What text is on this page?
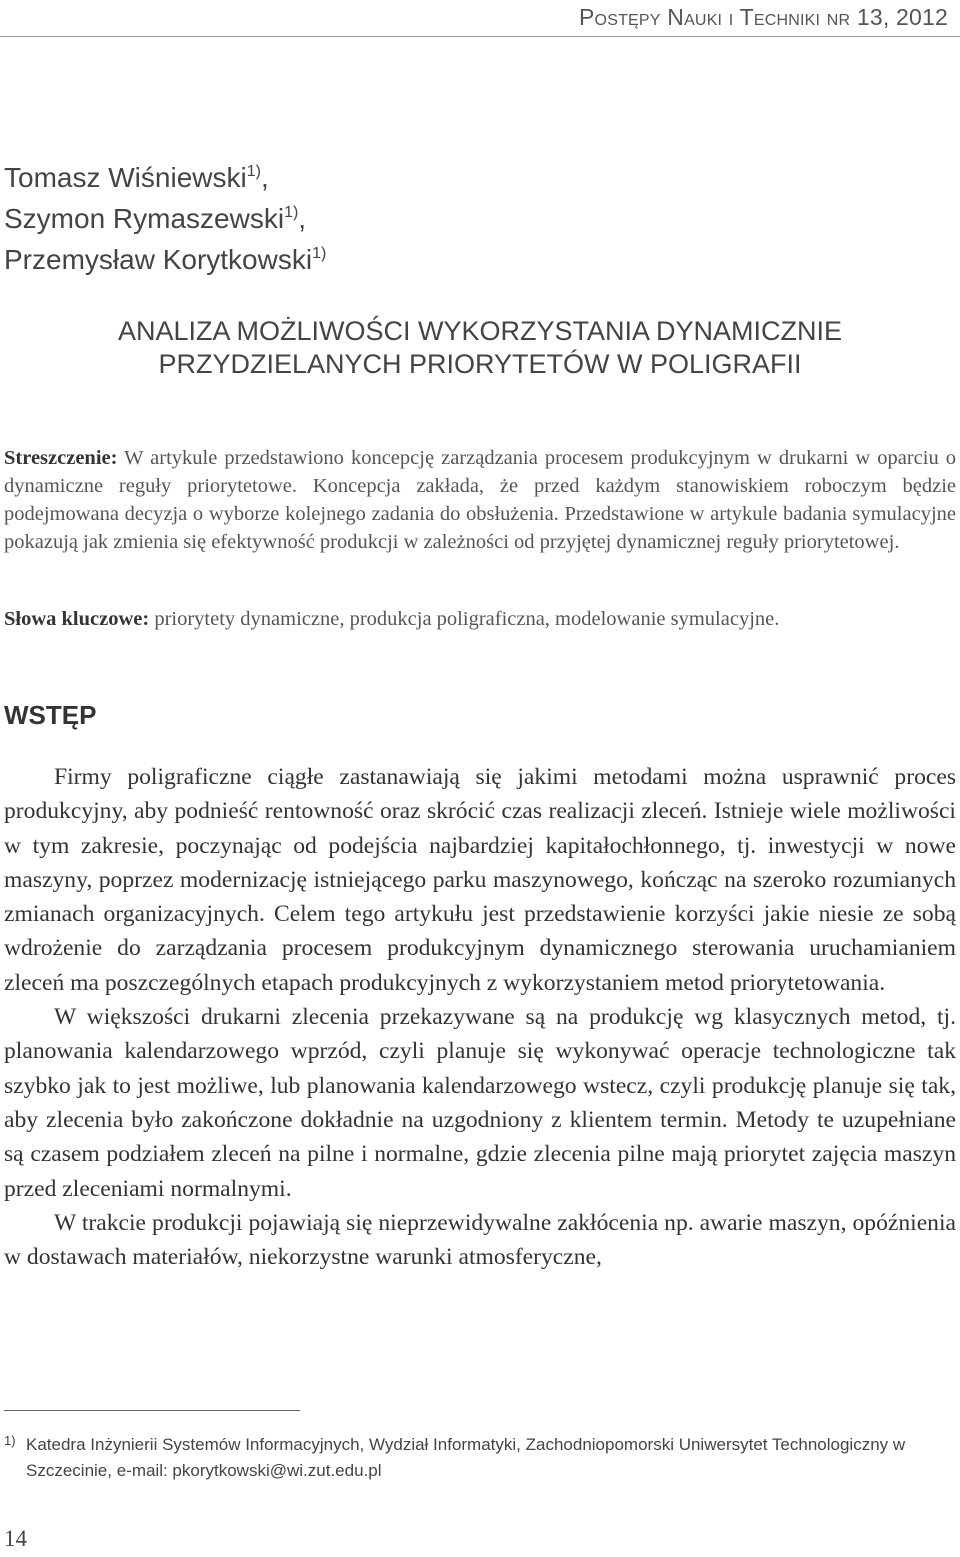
Postępy Nauki i Techniki nr 13, 2012
Tomasz Wiśniewski$^{1)}$,
Szymon Rymaszewski$^{1)}$,
Przemysław Korytkowski$^{1)}$
ANALIZA MOŻLIWOŚCI WYKORZYSTANIA DYNAMICZNIE
PRZYDZIELANYCH PRIORYTETÓW W POLIGRAFII
Streszczenie: W artykule przedstawiono koncepcję zarządzania procesem produkcyjnym w drukarni w oparciu o dynamiczne reguły priorytetowe. Koncepcja zakłada, że przed każdym stanowiskiem roboczym będzie podejmowana decyzja o wyborze kolejnego zadania do obsłużenia. Przedstawione w artykule badania symulacyjne pokazują jak zmienia się efektywność produkcji w zależności od przyjętej dynamicznej reguły priorytetowej.
Słowa kluczowe: priorytety dynamiczne, produkcja poligraficzna, modelowanie symulacyjne.
WSTĘP

Firmy poligraficzne ciągłe zastanawiają się jakimi metodami można usprawnić proces produkcyjny, aby podnieść rentowność oraz skrócić czas realizacji zleceń. Istnieje wiele możliwości w tym zakresie, poczynając od podejścia najbardziej kapitałochłonnego, tj. inwestycji w nowe maszyny, poprzez modernizację istniejącego parku maszynowego, kończąc na szeroko rozumianych zmianach organizacyjnych. Celem tego artykułu jest przedstawienie korzyści jakie niesie ze sobą wdrożenie do zarządzania procesem produkcyjnym dynamicznego sterowania uruchamianiem zleceń ma poszczególnych etapach produkcyjnych z wykorzystaniem metod priorytetowania.

W większości drukarni zlecenia przekazywane są na produkcję wg klasycznych metod, tj. planowania kalendarzowego wprzód, czyli planuje się wykonywać operacje technologiczne tak szybko jak to jest możliwe, lub planowania kalendarzowego wstecz, czyli produkcję planuje się tak, aby zlecenia było zakończone dokładnie na uzgodniony z klientem termin. Metody te uzupełniane są czasem podziałem zleceń na pilne i normalne, gdzie zlecenia pilne mają priorytet zajęcia maszyn przed zleceniami normalnymi.

W trakcie produkcji pojawiają się nieprzewidywalne zakłócenia np. awarie maszyn, opóźnienia w dostawach materiałów, niekorzystne warunki atmosferyczne,

1) Katedra Inżynierii Systemów Informacyjnych, Wydział Informatyki, Zachodniopomorski Uniwersytet Technologiczny w Szczecinie, e-mail: pkorytkowski@wi.zut.edu.pl
14
